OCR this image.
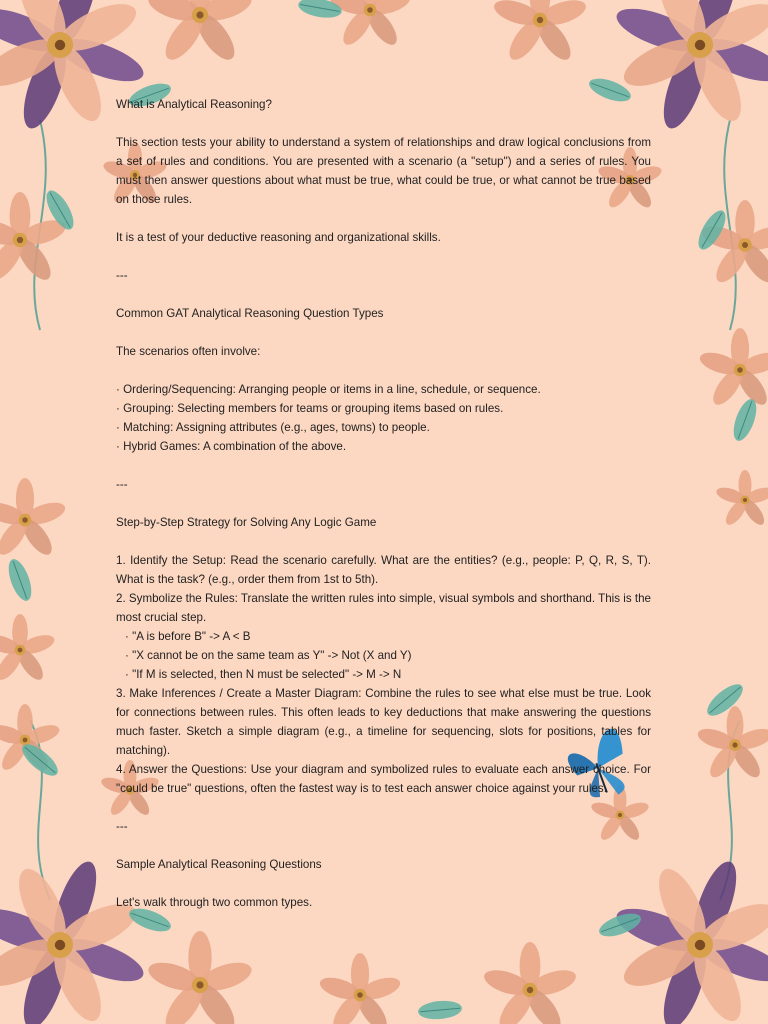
What is Analytical Reasoning?

This section tests your ability to understand a system of relationships and draw logical conclusions from a set of rules and conditions. You are presented with a scenario (a "setup") and a series of rules. You must then answer questions about what must be true, what could be true, or what cannot be true based on those rules.

It is a test of your deductive reasoning and organizational skills.

---

Common GAT Analytical Reasoning Question Types

The scenarios often involve:

· Ordering/Sequencing: Arranging people or items in a line, schedule, or sequence.

· Grouping: Selecting members for teams or grouping items based on rules.

· Matching: Assigning attributes (e.g., ages, towns) to people.

· Hybrid Games: A combination of the above.

---

Step-by-Step Strategy for Solving Any Logic Game

1. Identify the Setup: Read the scenario carefully. What are the entities? (e.g., people: P, Q, R, S, T). What is the task? (e.g., order them from 1st to 5th).

2. Symbolize the Rules: Translate the written rules into simple, visual symbols and shorthand. This is the most crucial step.

· "A is before B" -> A < B

· "X cannot be on the same team as Y" -> Not (X and Y)

· "If M is selected, then N must be selected" -> M -> N

3. Make Inferences / Create a Master Diagram: Combine the rules to see what else must be true. Look for connections between rules. This often leads to key deductions that make answering the questions much faster. Sketch a simple diagram (e.g., a timeline for sequencing, slots for positions, tables for matching).

4. Answer the Questions: Use your diagram and symbolized rules to evaluate each answer choice. For "could be true" questions, often the fastest way is to test each answer choice against your rules.

---

Sample Analytical Reasoning Questions

Let's walk through two common types.
